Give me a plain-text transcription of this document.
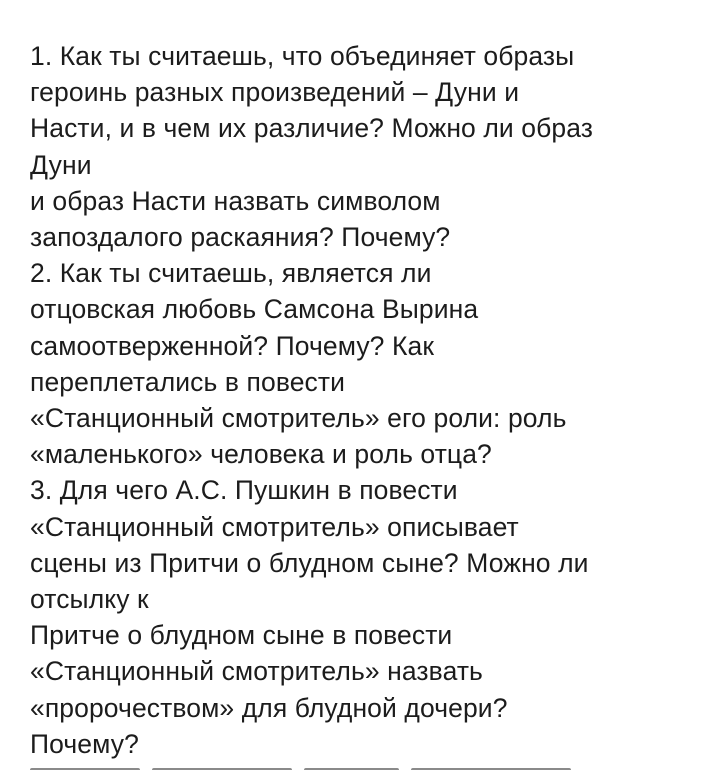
1. Как ты считаешь, что объединяет образы
героинь разных произведений – Дуни и
Насти, и в чем их различие? Можно ли образ
Дуни
и образ Насти назвать символом
запоздалого раскаяния? Почему?
2. Как ты считаешь, является ли
отцовская любовь Самсона Вырина
самоотверженной? Почему? Как
переплетались в повести
«Станционный смотритель» его роли: роль
«маленького» человека и роль отца?
3. Для чего А.С. Пушкин в повести
«Станционный смотритель» описывает
сцены из Притчи о блудном сыне? Можно ли
отсылку к
Притче о блудном сыне в повести
«Станционный смотритель» назвать
«пророчеством» для блудной дочери?
Почему?
